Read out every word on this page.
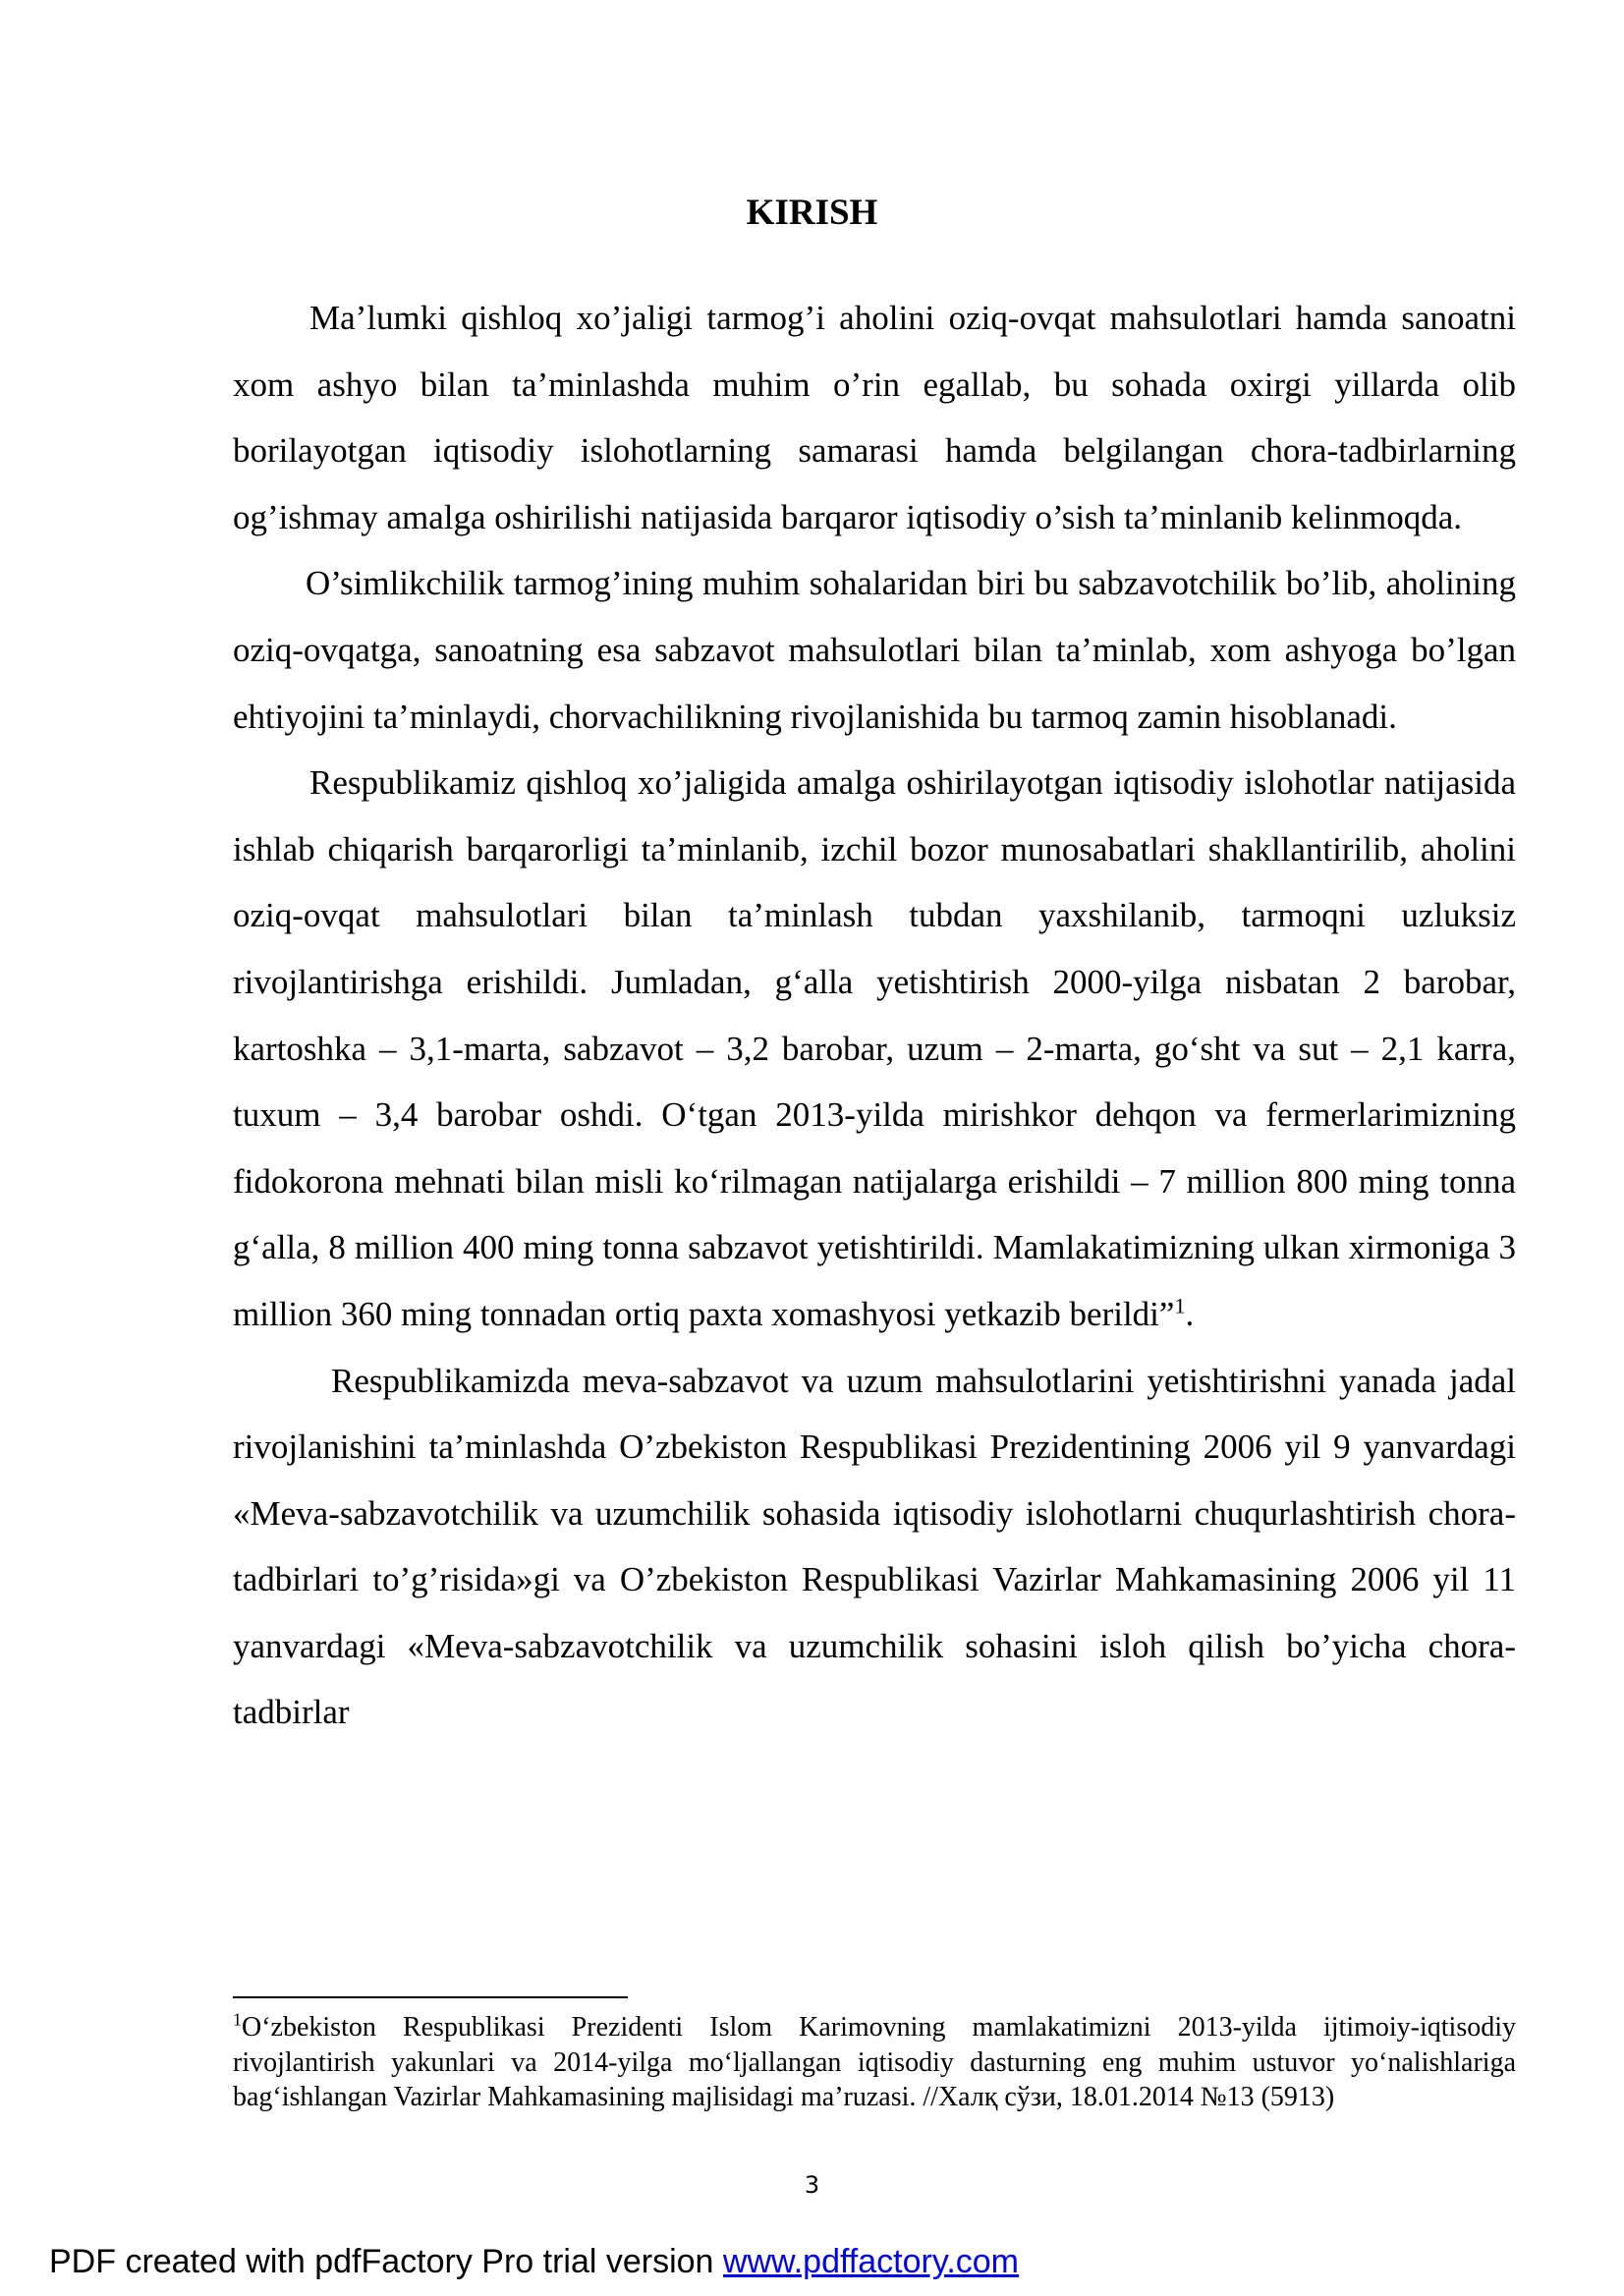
KIRISH

Ma’lumki qishloq xo’jaligi tarmog’i aholini oziq-ovqat mahsulotlari hamda sanoatni xom ashyo bilan ta’minlashda muhim o’rin egallab, bu sohada oxirgi yillarda olib borilayotgan iqtisodiy islohotlarning samarasi hamda belgilangan chora-tadbirlarning og’ishmay amalga oshirilishi natijasida barqaror iqtisodiy o’sish ta’minlanib kelinmoqda.

O’simlikchilik tarmog’ining muhim sohalaridan biri bu sabzavotchilik bo’lib, aholining oziq-ovqatga, sanoatning esa sabzavot mahsulotlari bilan ta’minlab, xom ashyoga bo’lgan ehtiyojini ta’minlaydi, chorvachilikning rivojlanishida bu tarmoq zamin hisoblanadi.

Respublikamiz qishloq xo’jaligida amalga oshirilayotgan iqtisodiy islohotlar natijasida ishlab chiqarish barqarorligi ta’minlanib, izchil bozor munosabatlari shakllantirilib, aholini oziq-ovqat mahsulotlari bilan ta’minlash tubdan yaxshilanib, tarmoqni uzluksiz rivojlantirishga erishildi. Jumladan, g‘alla yetishtirish 2000-yilga nisbatan 2 barobar, kartoshka – 3,1-marta, sabzavot – 3,2 barobar, uzum – 2-marta, go‘sht va sut – 2,1 karra, tuxum – 3,4 barobar oshdi. O‘tgan 2013-yilda mirishkor dehqon va fermerlarimizning fidokorona mehnati bilan misli ko‘rilmagan natijalarga erishildi – 7 million 800 ming tonna g‘alla, 8 million 400 ming tonna sabzavot yetishtirildi. Mamlakatimizning ulkan xirmoniga 3 million 360 ming tonnadan ortiq paxta xomashyosi yetkazib berildi”$^1$.

Respublikamizda meva-sabzavot va uzum mahsulotlarini yetishtirishni yanada jadal rivojlanishini ta’minlashda O’zbekiston Respublikasi Prezidentining 2006 yil 9 yanvardagi «Meva-sabzavotchilik va uzumchilik sohasida iqtisodiy islohotlarni chuqurlashtirish chora-tadbirlari to’g’risida»gi va O’zbekiston Respublikasi Vazirlar Mahkamasining 2006 yil 11 yanvardagi «Meva-sabzavotchilik va uzumchilik sohasini isloh qilish bo’yicha chora-tadbirlar

$^1$O‘zbekiston Respublikasi Prezidenti Islom Karimovning mamlakatimizni 2013-yilda ijtimoiy-iqtisodiy rivojlantirish yakunlari va 2014-yilga mo‘ljallangan iqtisodiy dasturning eng muhim ustuvor yo‘nalishlariga bag‘ishlangan Vazirlar Mahkamasining majlisidagi ma’ruzasi. //Халқ сўзи, 18.01.2014 №13 (5913)

3
PDF created with pdfFactory Pro trial version www.pdffactory.com
